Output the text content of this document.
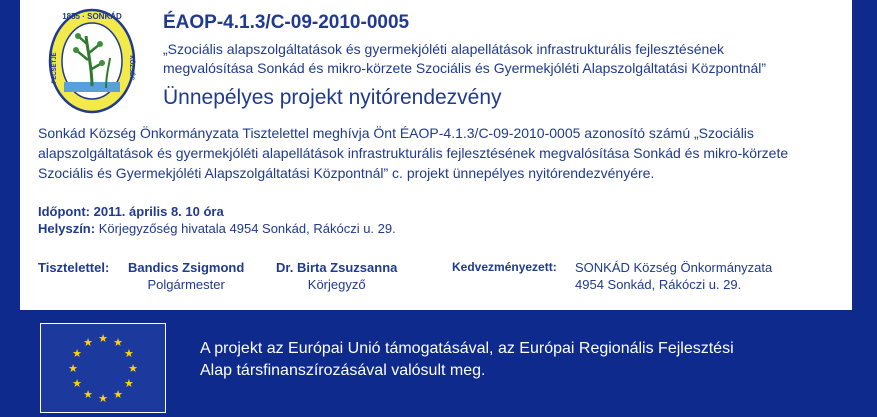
1855 · SONKÁD
PECSÉTJE	KÖZSÉG
ÉAOP-4.1.3/C-09-2010-0005
„Szociális alapszolgáltatások és gyermekjóléti alapellátások infrastrukturális fejlesztésének
megvalósítása Sonkád és mikro-körzete Szociális és Gyermekjóléti Alapszolgáltatási Központnál”
Ünnepélyes projekt nyitórendezvény
Sonkád Község Önkormányzata Tisztelettel meghívja Önt ÉAOP-4.1.3/C-09-2010-0005 azonosító számú „Szociális
alapszolgáltatások és gyermekjóléti alapellátások infrastrukturális fejlesztésének megvalósítása Sonkád és mikro-körzete
Szociális és Gyermekjóléti Alapszolgáltatási Központnál” c. projekt ünnepélyes nyitórendezvényére.
Időpont: 2011. április 8. 10 óra
Helyszín: Körjegyzőség hivatala 4954 Sonkád, Rákóczi u. 29.
Tisztelettel: Bandics Zsigmond
Polgármester
Dr. Birta Zsuzsanna
Körjegyző
Kedvezményezett: SONKÁD Község Önkormányzata
4954 Sonkád, Rákóczi u. 29.
★ ★
★
★
★
★
★
★
★
★
★
★	A projekt az Európai Unió támogatásával, az Európai Regionális Fejlesztési
Alap társfinanszírozásával valósult meg.
